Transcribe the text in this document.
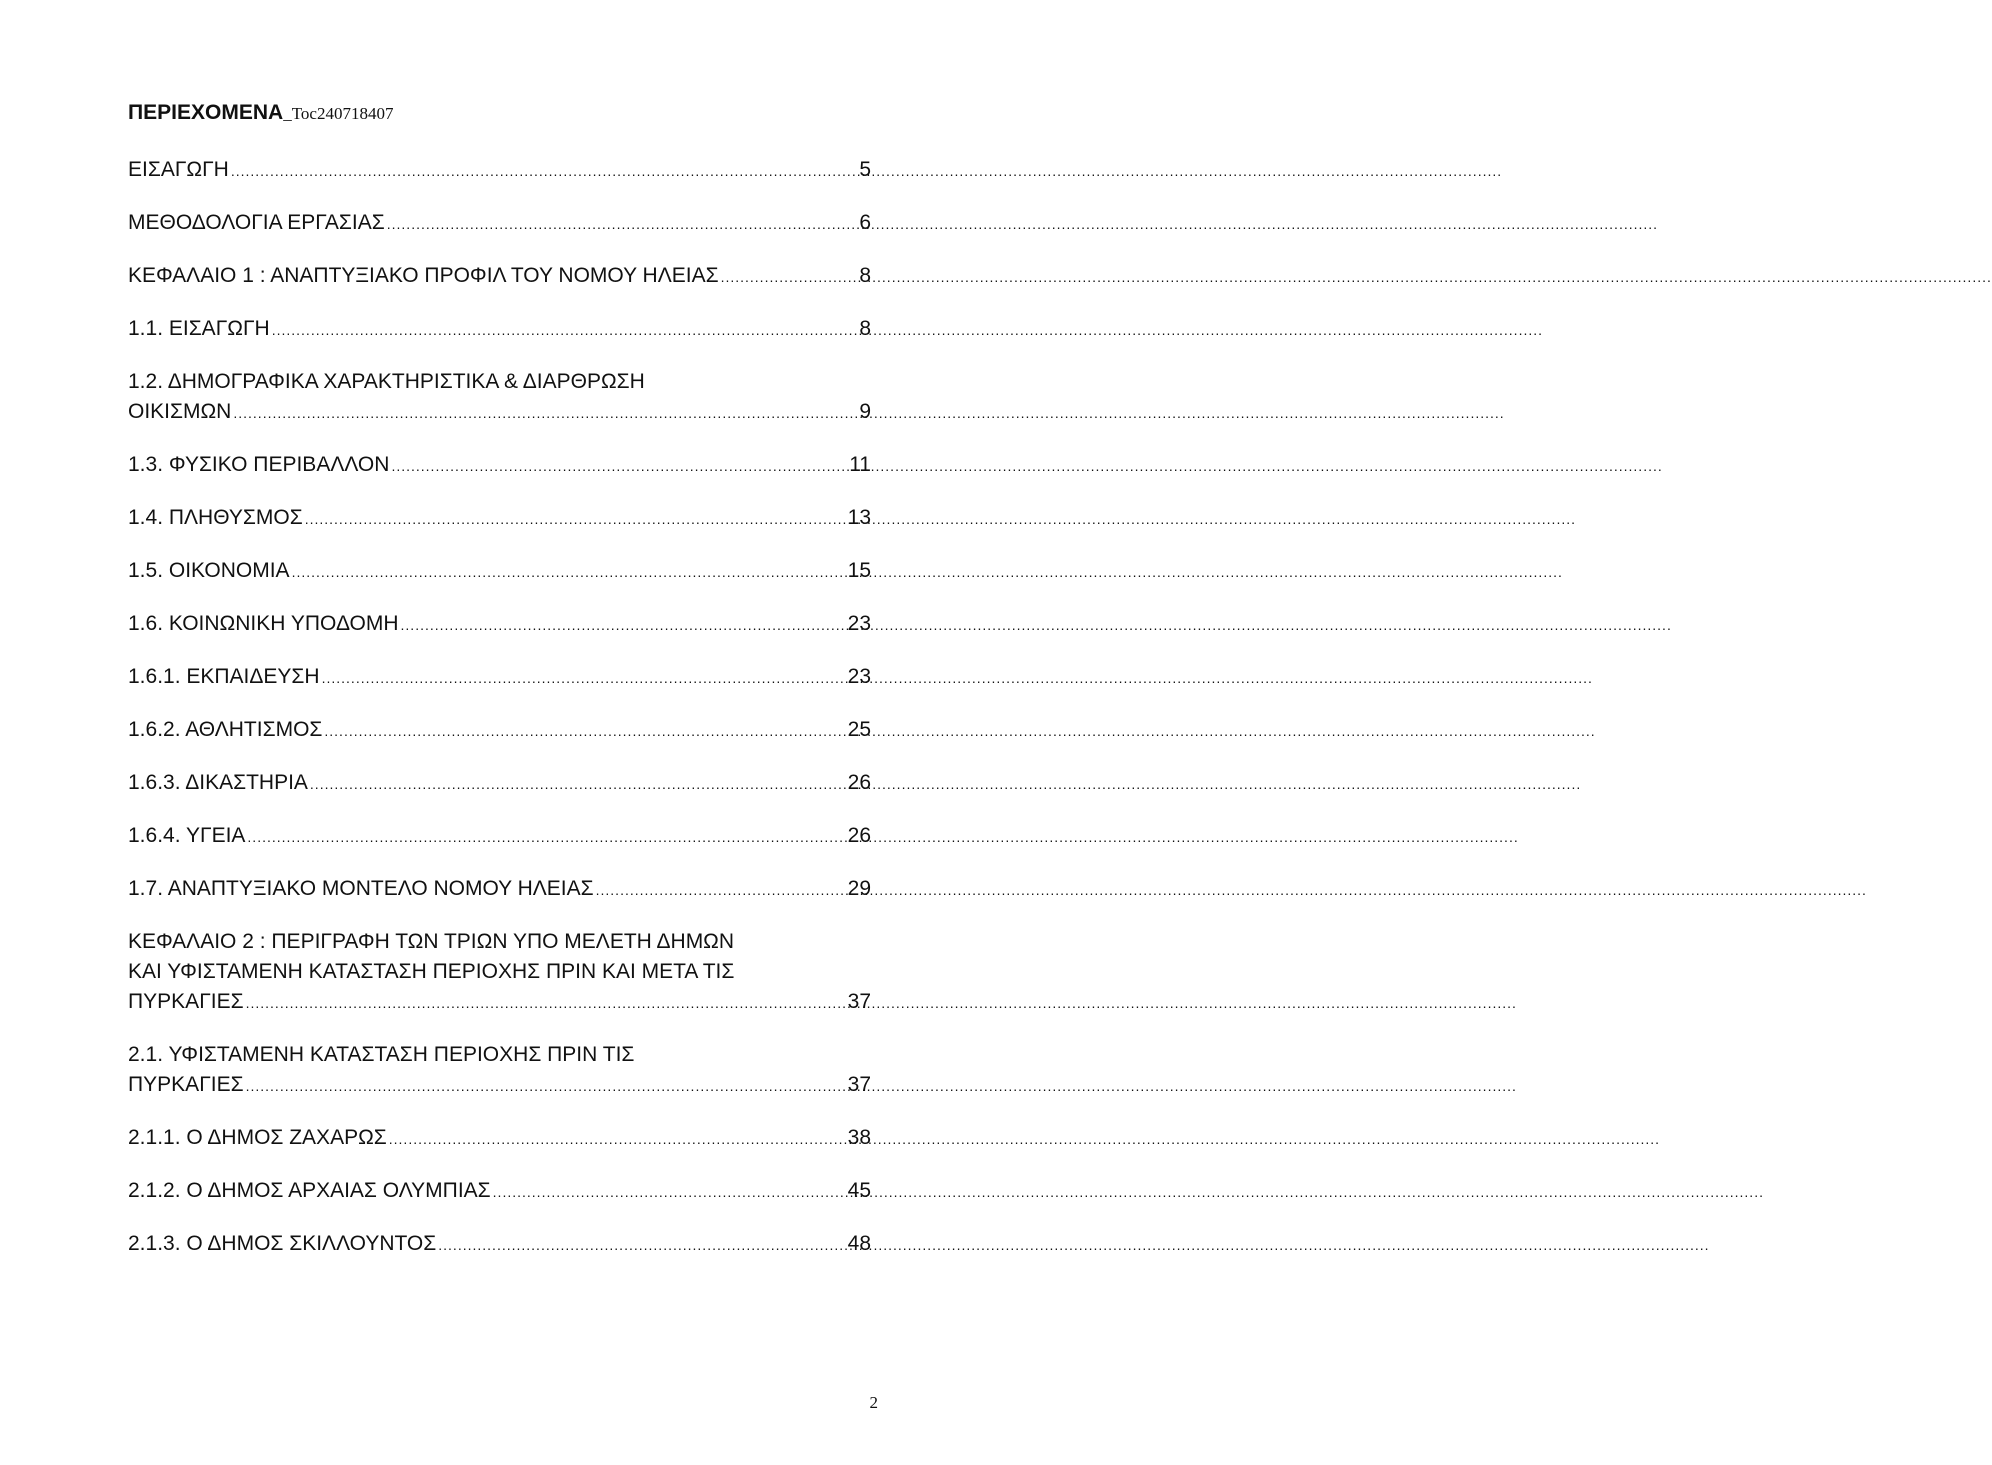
ΠΕΡΙΕΧΟΜΕΝΑ_Toc240718407
ΕΙΣΑΓΩΓΗ .....	5
ΜΕΘΟΔΟΛΟΓΙΑ ΕΡΓΑΣΙΑΣ .....	6
ΚΕΦΑΛΑΙΟ 1 : ΑΝΑΠΤΥΞΙΑΚΟ ΠΡΟΦΙΛ ΤΟΥ ΝΟΜΟΥ ΗΛΕΙΑΣ .....	8
1.1. ΕΙΣΑΓΩΓΗ .....	8
1.2. ΔΗΜΟΓΡΑΦΙΚΑ ΧΑΡΑΚΤΗΡΙΣΤΙΚΑ & ΔΙΑΡΘΡΩΣΗ
ΟΙΚΙΣΜΩΝ .....	9
1.3. ΦΥΣΙΚΟ ΠΕΡΙΒΑΛΛΟΝ .....	11
1.4. ΠΛΗΘΥΣΜΟΣ .....	13
1.5. ΟΙΚΟΝΟΜΙΑ .....	15
1.6. ΚΟΙΝΩΝΙΚΗ ΥΠΟΔΟΜΗ .....	23
1.6.1. ΕΚΠΑΙΔΕΥΣΗ .....	23
1.6.2. ΑΘΛΗΤΙΣΜΟΣ .....	25
1.6.3. ΔΙΚΑΣΤΗΡΙΑ .....	26
1.6.4. ΥΓΕΙΑ .....	26
1.7. ΑΝΑΠΤΥΞΙΑΚΟ ΜΟΝΤΕΛΟ ΝΟΜΟΥ ΗΛΕΙΑΣ .....	29
ΚΕΦΑΛΑΙΟ 2 : ΠΕΡΙΓΡΑΦΗ ΤΩΝ ΤΡΙΩΝ ΥΠΟ ΜΕΛΕΤΗ ΔΗΜΩΝ
ΚΑΙ ΥΦΙΣΤΑΜΕΝΗ ΚΑΤΑΣΤΑΣΗ ΠΕΡΙΟΧΗΣ ΠΡΙΝ ΚΑΙ ΜΕΤΑ ΤΙΣ
ΠΥΡΚΑΓΙΕΣ .....	37
2.1. ΥΦΙΣΤΑΜΕΝΗ ΚΑΤΑΣΤΑΣΗ ΠΕΡΙΟΧΗΣ ΠΡΙΝ ΤΙΣ
ΠΥΡΚΑΓΙΕΣ .....	37
2.1.1. Ο ΔΗΜΟΣ ΖΑΧΑΡΩΣ .....	38
2.1.2. Ο ΔΗΜΟΣ ΑΡΧΑΙΑΣ ΟΛΥΜΠΙΑΣ .....	45
2.1.3. Ο ΔΗΜΟΣ ΣΚΙΛΛΟΥΝΤΟΣ .....	48
2
